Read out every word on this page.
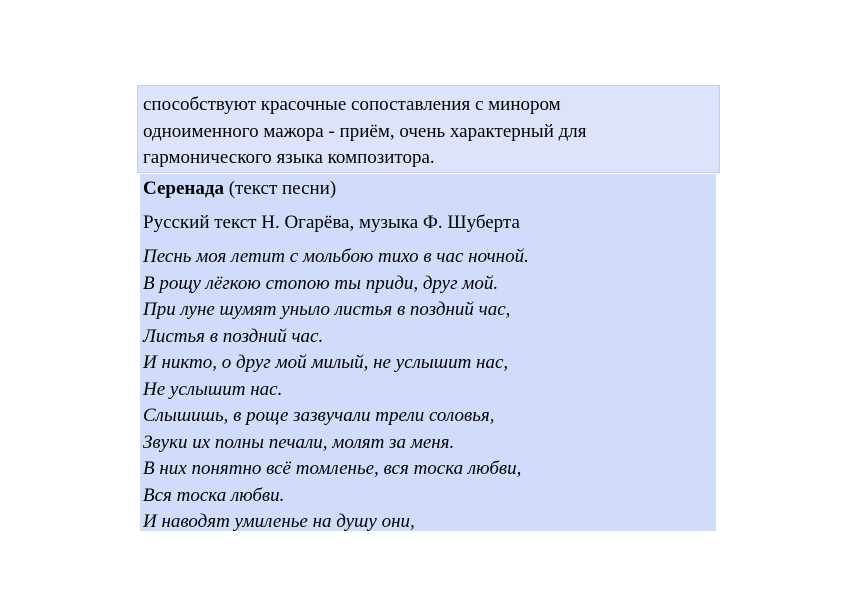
способствуют красочные сопоставления с минором
одноименного мажора - приём, очень характерный для
гармонического языка композитора.

Серенада (текст песни)

Русский текст Н. Огарёва, музыка Ф. Шуберта

Песнь моя летит с мольбою тихо в час ночной.
В рощу лёгкою стопою ты приди, друг мой.
При луне шумят уныло листья в поздний час,
Листья в поздний час.
И никто, о друг мой милый, не услышит нас,
Не услышит нас.
Слышишь, в роще зазвучали трели соловья,
Звуки их полны печали, молят за меня.
В них понятно всё томленье, вся тоска любви,
Вся тоска любви.
И наводят умиленье на душу они,
